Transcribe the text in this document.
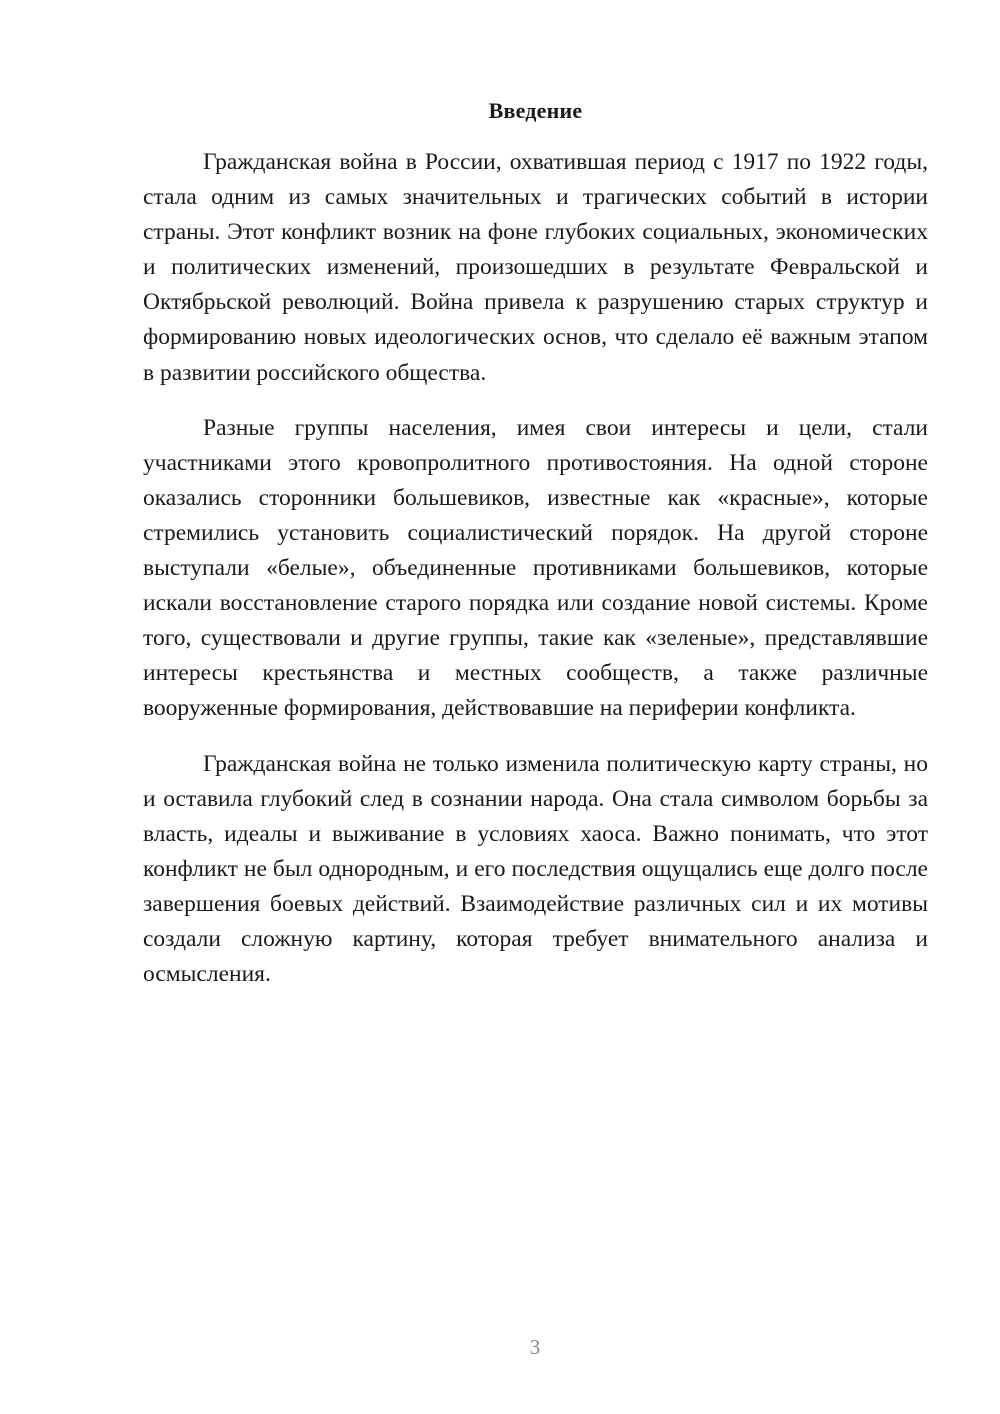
Введение

Гражданская война в России, охватившая период с 1917 по 1922 годы, стала одним из самых значительных и трагических событий в истории страны. Этот конфликт возник на фоне глубоких социальных, экономических и политических изменений, произошедших в результате Февральской и Октябрьской революций. Война привела к разрушению старых структур и формированию новых идеологических основ, что сделало её важным этапом в развитии российского общества.

Разные группы населения, имея свои интересы и цели, стали участниками этого кровопролитного противостояния. На одной стороне оказались сторонники большевиков, известные как «красные», которые стремились установить социалистический порядок. На другой стороне выступали «белые», объединенные противниками большевиков, которые искали восстановление старого порядка или создание новой системы. Кроме того, существовали и другие группы, такие как «зеленые», представлявшие интересы крестьянства и местных сообществ, а также различные вооруженные формирования, действовавшие на периферии конфликта.

Гражданская война не только изменила политическую карту страны, но и оставила глубокий след в сознании народа. Она стала символом борьбы за власть, идеалы и выживание в условиях хаоса. Важно понимать, что этот конфликт не был однородным, и его последствия ощущались еще долго после завершения боевых действий. Взаимодействие различных сил и их мотивы создали сложную картину, которая требует внимательного анализа и осмысления.

3
